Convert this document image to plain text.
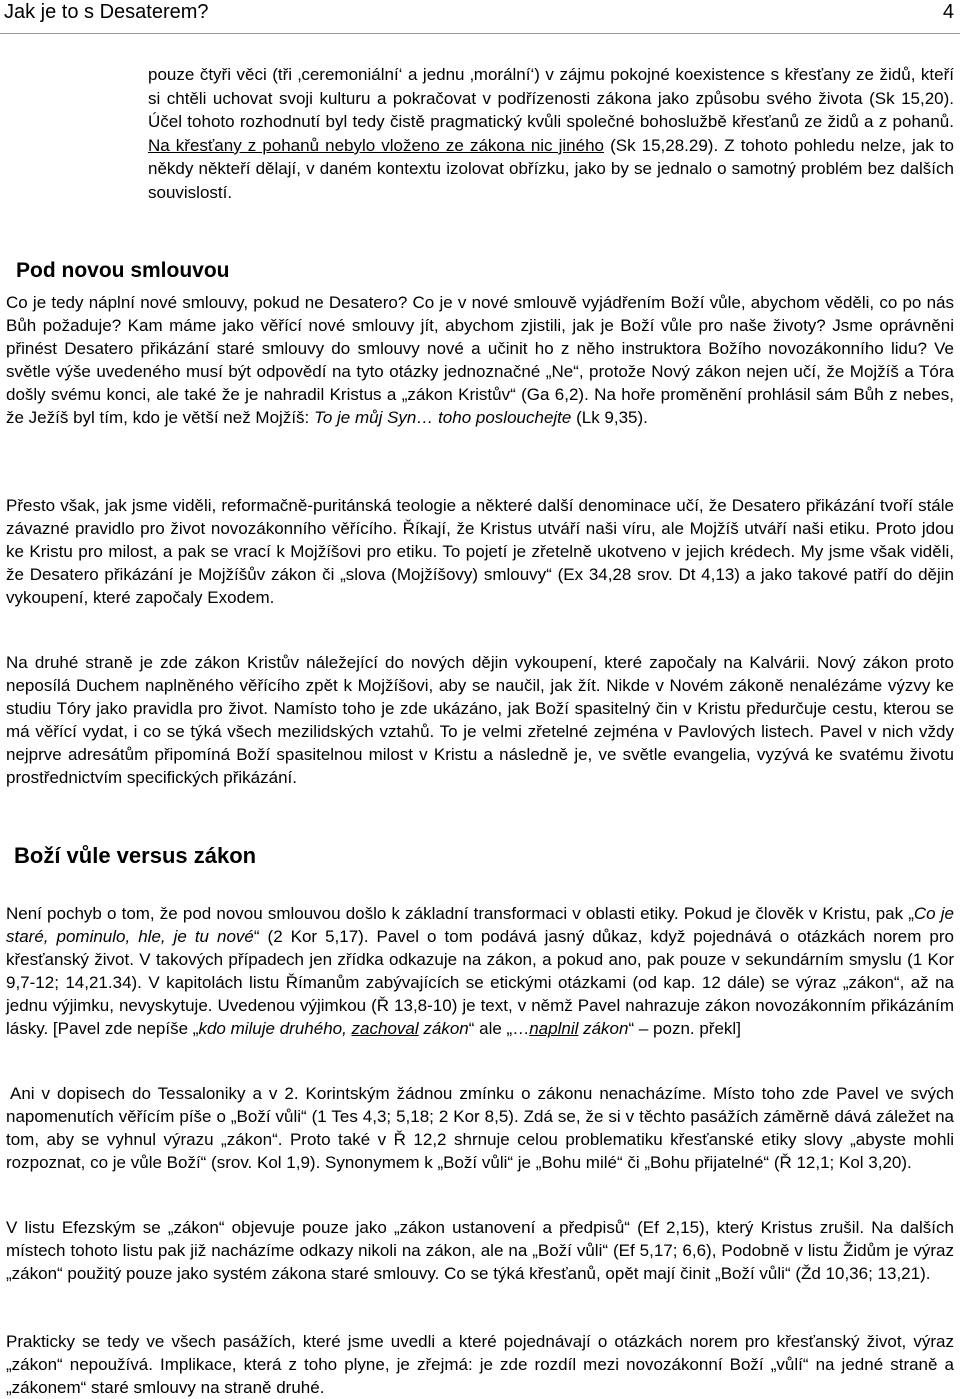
Jak je to s Desaterem?	4
pouze čtyři věci (tři ‚ceremoniální‘ a jednu ‚morální‘) v zájmu pokojné koexistence s křesťany ze židů, kteří si chtěli uchovat svoji kulturu a pokračovat v podřízenosti zákona jako způsobu svého života (Sk 15,20). Účel tohoto rozhodnutí byl tedy čistě pragmatický kvůli společné bohoslužbě křesťanů ze židů a z pohanů. Na křesťany z pohanů nebylo vloženo ze zákona nic jiného (Sk 15,28.29). Z tohoto pohledu nelze, jak to někdy někteří dělají, v daném kontextu izolovat obřízku, jako by se jednalo o samotný problém bez dalších souvislostí.
Pod novou smlouvou
Co je tedy náplní nové smlouvy, pokud ne Desatero? Co je v nové smlouvě vyjádřením Boží vůle, abychom věděli, co po nás Bůh požaduje? Kam máme jako věřící nové smlouvy jít, abychom zjistili, jak je Boží vůle pro naše životy? Jsme oprávněni přinést Desatero přikázání staré smlouvy do smlouvy nové a učinit ho z něho instruktora Božího novozákonního lidu? Ve světle výše uvedeného musí být odpovědí na tyto otázky jednoznačné „Ne“, protože Nový zákon nejen učí, že Mojžíš a Tóra došly svému konci, ale také že je nahradil Kristus a „zákon Kristův“ (Ga 6,2). Na hoře proměnění prohlásil sám Bůh z nebes, že Ježíš byl tím, kdo je větší než Mojžíš: To je můj Syn… toho poslouchejte (Lk 9,35).
Přesto však, jak jsme viděli, reformačně-puritánská teologie a některé další denominace učí, že Desatero přikázání tvoří stále závazné pravidlo pro život novozákonního věřícího. Říkají, že Kristus utváří naši víru, ale Mojžíš utváří naši etiku. Proto jdou ke Kristu pro milost, a pak se vrací k Mojžíšovi pro etiku. To pojetí je zřetelně ukotveno v jejich krédech. My jsme však viděli, že Desatero přikázání je Mojžíšův zákon či „slova (Mojžíšovy) smlouvy“ (Ex 34,28 srov. Dt 4,13) a jako takové patří do dějin vykoupení, které započaly Exodem.
Na druhé straně je zde zákon Kristův náležející do nových dějin vykoupení, které započaly na Kalvárii. Nový zákon proto neposílá Duchem naplněného věřícího zpět k Mojžíšovi, aby se naučil, jak žít. Nikde v Novém zákoně nenalézáme výzvy ke studiu Tóry jako pravidla pro život. Namísto toho je zde ukázáno, jak Boží spasitelný čin v Kristu předurčuje cestu, kterou se má věřící vydat, i co se týká všech mezilidských vztahů. To je velmi zřetelné zejména v Pavlových listech. Pavel v nich vždy nejprve adresátům připomíná Boží spasitelnou milost v Kristu a následně je, ve světle evangelia, vyzývá ke svatému životu prostřednictvím specifických přikázání.
Boží vůle versus zákon
Není pochyb o tom, že pod novou smlouvou došlo k základní transformaci v oblasti etiky. Pokud je člověk v Kristu, pak „Co je staré, pominulo, hle, je tu nové“ (2 Kor 5,17). Pavel o tom podává jasný důkaz, když pojednává o otázkách norem pro křesťanský život. V takových případech jen zřídka odkazuje na zákon, a pokud ano, pak pouze v sekundárním smyslu (1 Kor 9,7-12; 14,21.34). V kapitolách listu Římanům zabývajících se etickými otázkami (od kap. 12 dále) se výraz „zákon“, až na jednu výjimku, nevyskytuje. Uvedenou výjimkou (Ř 13,8-10) je text, v němž Pavel nahrazuje zákon novozákonním přikázáním lásky. [Pavel zde nepíše „kdo miluje druhého, zachoval zákon“ ale „…naplnil zákon“ – pozn. překl]
Ani v dopisech do Tessaloniky a v 2. Korintským žádnou zmínku o zákonu nenacházíme. Místo toho zde Pavel ve svých napomenutích věřícím píše o „Boží vůli“ (1 Tes 4,3; 5,18; 2 Kor 8,5). Zdá se, že si v těchto pasážích záměrně dává záležet na tom, aby se vyhnul výrazu „zákon“. Proto také v Ř 12,2 shrnuje celou problematiku křesťanské etiky slovy „abyste mohli rozpoznat, co je vůle Boží“ (srov. Kol 1,9). Synonymem k „Boží vůli“ je „Bohu milé“ či „Bohu přijatelné“ (Ř 12,1; Kol 3,20).
V listu Efezským se „zákon“ objevuje pouze jako „zákon ustanovení a předpisů“ (Ef 2,15), který Kristus zrušil. Na dalších místech tohoto listu pak již nacházíme odkazy nikoli na zákon, ale na „Boží vůli“ (Ef 5,17; 6,6), Podobně v listu Židům je výraz „zákon“ použitý pouze jako systém zákona staré smlouvy. Co se týká křesťanů, opět mají činit „Boží vůli“ (Žd 10,36; 13,21).
Prakticky se tedy ve všech pasážích, které jsme uvedli a které pojednávají o otázkách norem pro křesťanský život, výraz „zákon“ nepoužívá. Implikace, která z toho plyne, je zřejmá: je zde rozdíl mezi novozákonní Boží „vůlí“ na jedné straně a „zákonem“ staré smlouvy na straně druhé.
